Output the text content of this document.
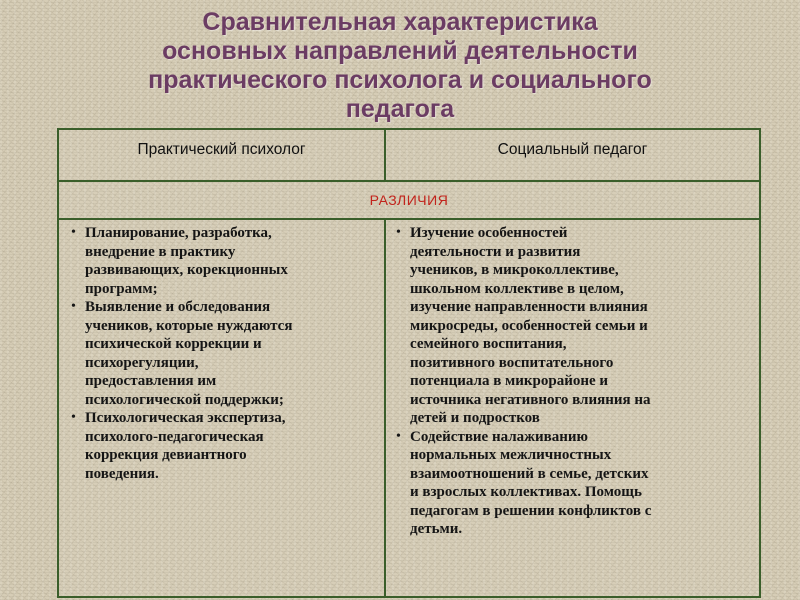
Сравнительная характеристика
основных направлений деятельности
практического психолога и социального
педагога
Практический психолог	Социальный педагог
РАЗЛИЧИЯ
• Планирование, разработка,
внедрение в практику
развивающих, корекционных
программ;
• Выявление и обследования
учеников, которые нуждаются
психической коррекции и
психорегуляции,
предоставления им
психологической поддержки;
• Психологическая экспертиза,
психолого-педагогическая
коррекция девиантного
поведения.
• Изучение особенностей
деятельности и развития
учеников, в микроколлективе,
школьном коллективе в целом,
изучение направленности влияния
микросреды, особенностей семьи и
семейного воспитания,
позитивного воспитательного
потенциала в микрорайоне и
источника негативного влияния на
детей и подростков
• Содействие налаживанию
нормальных межличностных
взаимоотношений в семье, детских
и взрослых коллективах. Помощь
педагогам в решении конфликтов с
детьми.
